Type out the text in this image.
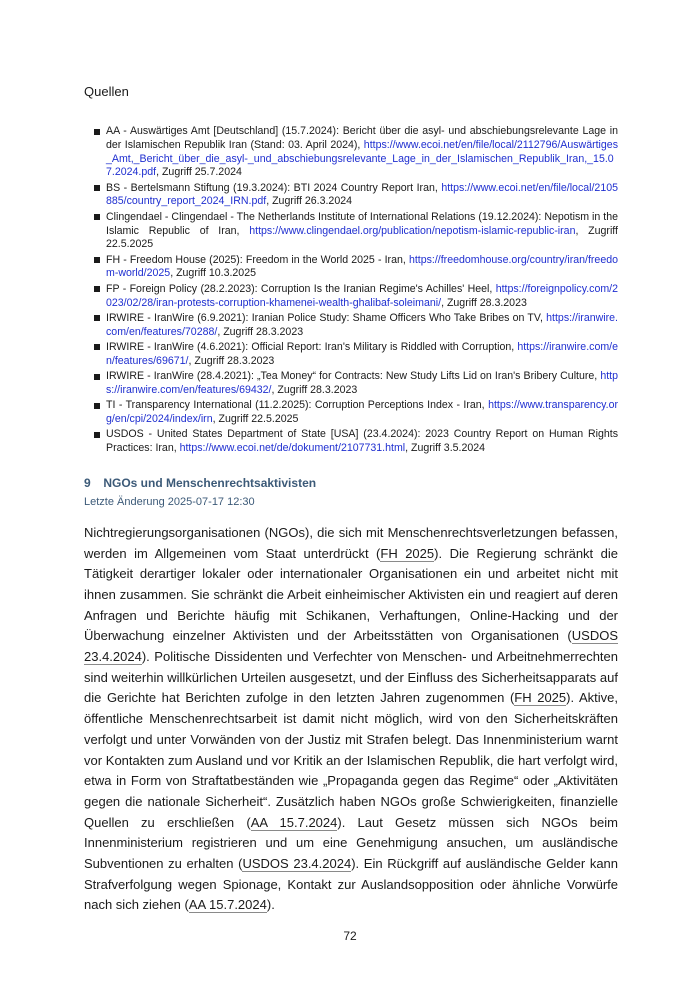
Quellen
AA - Auswärtiges Amt [Deutschland] (15.7.2024): Bericht über die asyl- und abschiebungsrelevante Lage in der Islamischen Republik Iran (Stand: 03. April 2024), https://www.ecoi.net/en/file/local/2112796/Auswärtiges_Amt,_Bericht_über_die_asyl-_und_abschiebungsrelevante_Lage_in_der_Islamischen_Republik_Iran,_15.07.2024.pdf, Zugriff 25.7.2024
BS - Bertelsmann Stiftung (19.3.2024): BTI 2024 Country Report Iran, https://www.ecoi.net/en/file/local/2105885/country_report_2024_IRN.pdf, Zugriff 26.3.2024
Clingendael - Clingendael - The Netherlands Institute of International Relations (19.12.2024): Nepotism in the Islamic Republic of Iran, https://www.clingendael.org/publication/nepotism-islamic-republic-iran, Zugriff 22.5.2025
FH - Freedom House (2025): Freedom in the World 2025 - Iran, https://freedomhouse.org/country/iran/freedom-world/2025, Zugriff 10.3.2025
FP - Foreign Policy (28.2.2023): Corruption Is the Iranian Regime's Achilles' Heel, https://foreignpolicy.com/2023/02/28/iran-protests-corruption-khamenei-wealth-ghalibaf-soleimani/, Zugriff 28.3.2023
IRWIRE - IranWire (6.9.2021): Iranian Police Study: Shame Officers Who Take Bribes on TV, https://iranwire.com/en/features/70288/, Zugriff 28.3.2023
IRWIRE - IranWire (4.6.2021): Official Report: Iran's Military is Riddled with Corruption, https://iranwire.com/en/features/69671/, Zugriff 28.3.2023
IRWIRE - IranWire (28.4.2021): „Tea Money“ for Contracts: New Study Lifts Lid on Iran's Bribery Culture, https://iranwire.com/en/features/69432/, Zugriff 28.3.2023
TI - Transparency International (11.2.2025): Corruption Perceptions Index - Iran, https://www.transparency.org/en/cpi/2024/index/irn, Zugriff 22.5.2025
USDOS - United States Department of State [USA] (23.4.2024): 2023 Country Report on Human Rights Practices: Iran, https://www.ecoi.net/de/dokument/2107731.html, Zugriff 3.5.2024
9 NGOs und Menschenrechtsaktivisten
Letzte Änderung 2025-07-17 12:30

Nichtregierungsorganisationen (NGOs), die sich mit Menschenrechtsverletzungen befassen, werden im Allgemeinen vom Staat unterdrückt (FH 2025). Die Regierung schränkt die Tätigkeit derartiger lokaler oder internationaler Organisationen ein und arbeitet nicht mit ihnen zusammen. Sie schränkt die Arbeit einheimischer Aktivisten ein und reagiert auf deren Anfragen und Berichte häufig mit Schikanen, Verhaftungen, Online-Hacking und der Überwachung einzelner Aktivisten und der Arbeitsstätten von Organisationen (USDOS 23.4.2024). Politische Dissidenten und Verfechter von Menschen- und Arbeitnehmerrechten sind weiterhin willkürlichen Urteilen ausgesetzt, und der Einfluss des Sicherheitsapparats auf die Gerichte hat Berichten zufolge in den letzten Jahren zugenommen (FH 2025). Aktive, öffentliche Menschenrechtsarbeit ist damit nicht möglich, wird von den Sicherheitskräften verfolgt und unter Vorwänden von der Justiz mit Strafen belegt. Das Innenministerium warnt vor Kontakten zum Ausland und vor Kritik an der Islamischen Republik, die hart verfolgt wird, etwa in Form von Straftatbeständen wie „Propaganda gegen das Regime“ oder „Aktivitäten gegen die nationale Sicherheit“. Zusätzlich haben NGOs große Schwierigkeiten, finanzielle Quellen zu erschließen (AA 15.7.2024). Laut Gesetz müssen sich NGOs beim Innenministerium registrieren und um eine Genehmigung ansuchen, um ausländische Subventionen zu erhalten (USDOS 23.4.2024). Ein Rückgriff auf ausländische Gelder kann Strafverfolgung wegen Spionage, Kontakt zur Auslandsopposition oder ähnliche Vorwürfe nach sich ziehen (AA 15.7.2024).

72
